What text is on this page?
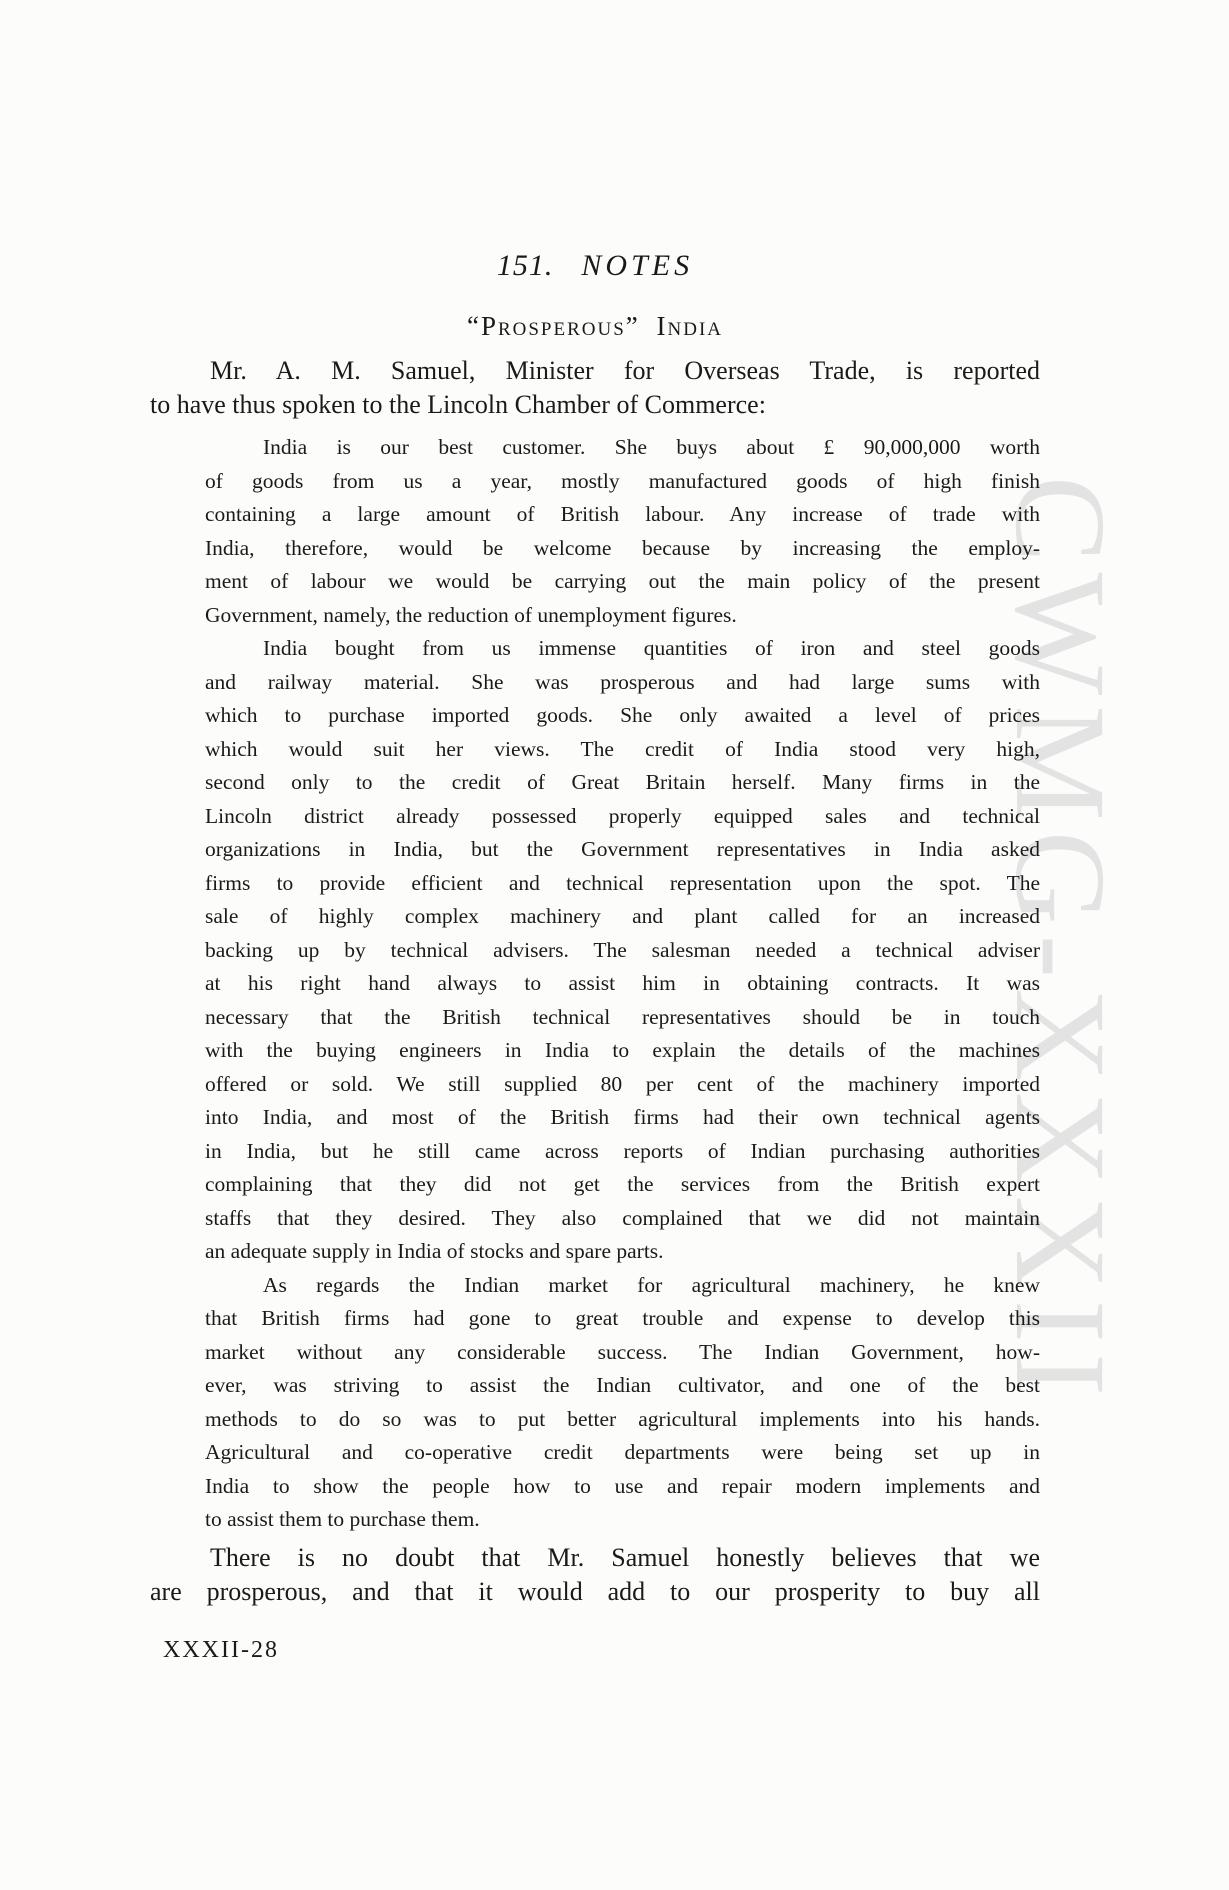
CWMG-XXXII
151. NOTES
“Prosperous” India
Mr. A. M. Samuel, Minister for Overseas Trade, is reported
to have thus spoken to the Lincoln Chamber of Commerce:
India is our best customer. She buys about £ 90,000,000 worth
of goods from us a year, mostly manufactured goods of high finish
containing a large amount of British labour. Any increase of trade with
India, therefore, would be welcome because by increasing the employ-
ment of labour we would be carrying out the main policy of the present
Government, namely, the reduction of unemployment figures.
India bought from us immense quantities of iron and steel goods
and railway material. She was prosperous and had large sums with
which to purchase imported goods. She only awaited a level of prices
which would suit her views. The credit of India stood very high,
second only to the credit of Great Britain herself. Many firms in the
Lincoln district already possessed properly equipped sales and technical
organizations in India, but the Government representatives in India asked
firms to provide efficient and technical representation upon the spot. The
sale of highly complex machinery and plant called for an increased
backing up by technical advisers. The salesman needed a technical adviser
at his right hand always to assist him in obtaining contracts. It was
necessary that the British technical representatives should be in touch
with the buying engineers in India to explain the details of the machines
offered or sold. We still supplied 80 per cent of the machinery imported
into India, and most of the British firms had their own technical agents
in India, but he still came across reports of Indian purchasing authorities
complaining that they did not get the services from the British expert
staffs that they desired. They also complained that we did not maintain
an adequate supply in India of stocks and spare parts.
As regards the Indian market for agricultural machinery, he knew
that British firms had gone to great trouble and expense to develop this
market without any considerable success. The Indian Government, how-
ever, was striving to assist the Indian cultivator, and one of the best
methods to do so was to put better agricultural implements into his hands.
Agricultural and co-operative credit departments were being set up in
India to show the people how to use and repair modern implements and
to assist them to purchase them.
There is no doubt that Mr. Samuel honestly believes that we
are prosperous, and that it would add to our prosperity to buy all
XXXII-28
